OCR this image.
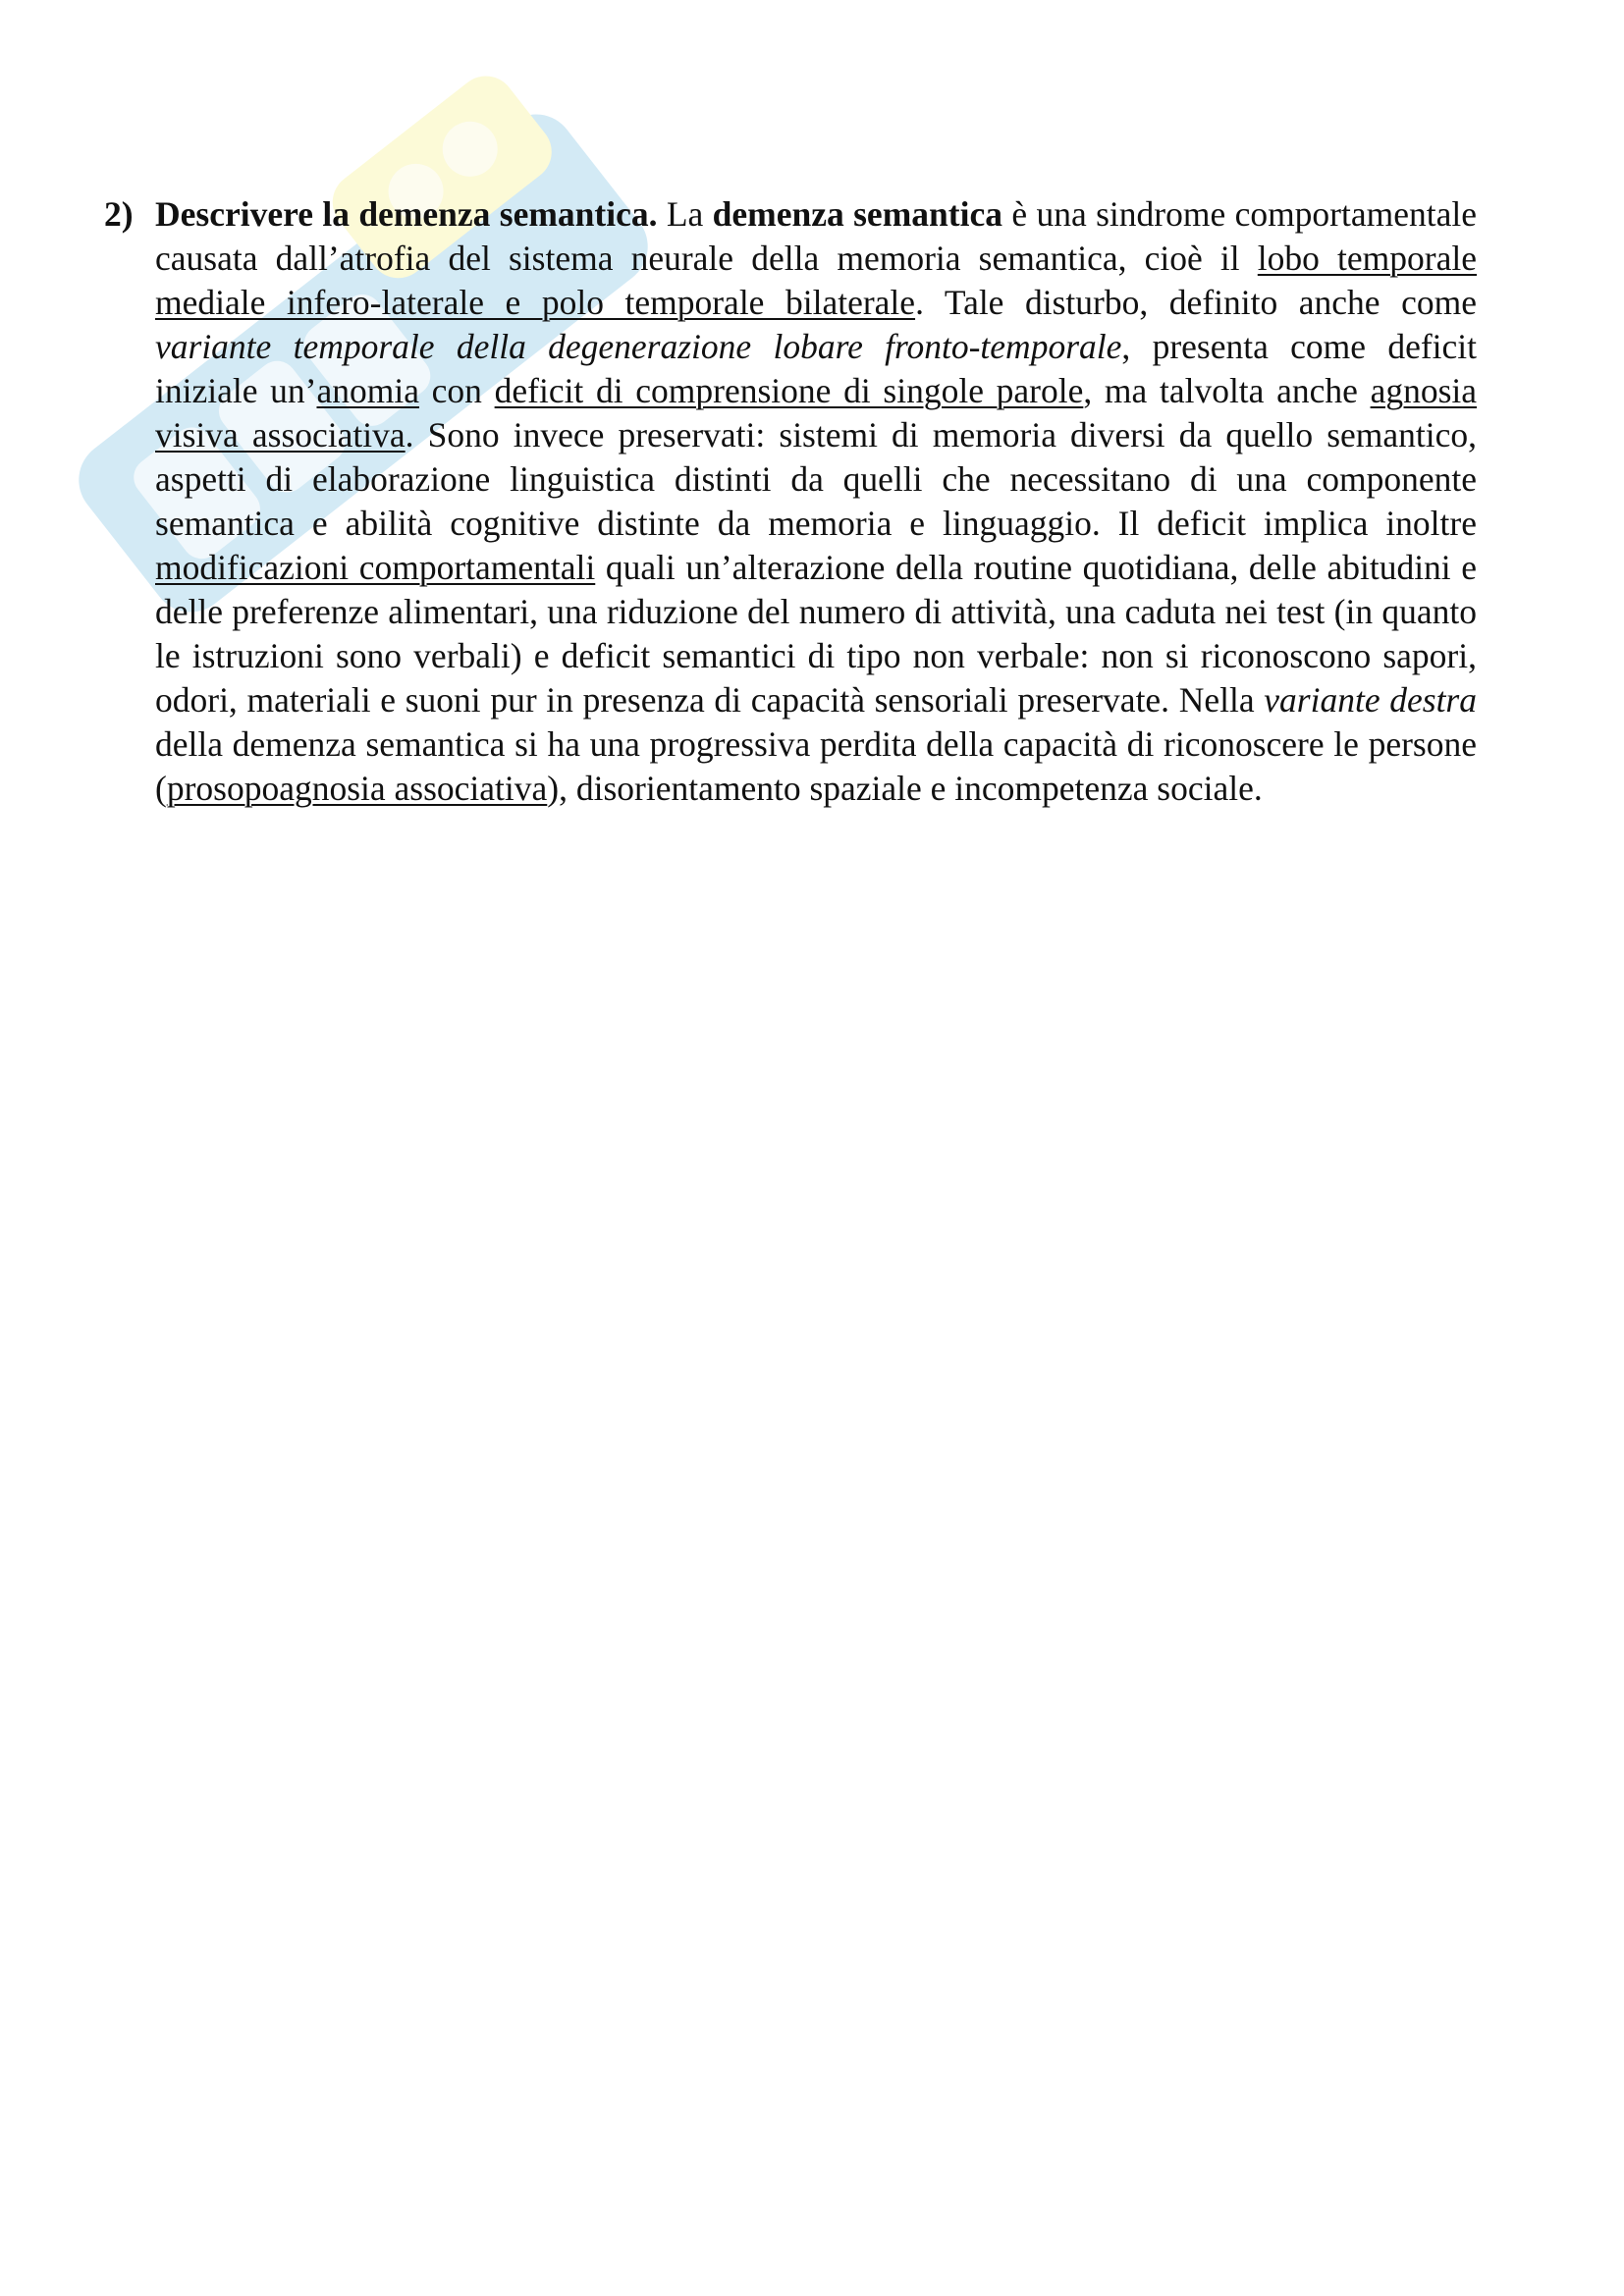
2) Descrivere la demenza semantica. La demenza semantica è una sindrome comportamentale causata dall’atrofia del sistema neurale della memoria semantica, cioè il lobo temporale mediale infero-laterale e polo temporale bilaterale. Tale disturbo, definito anche come variante temporale della degenerazione lobare fronto-temporale, presenta come deficit iniziale un’anomia con deficit di comprensione di singole parole, ma talvolta anche agnosia visiva associativa. Sono invece preservati: sistemi di memoria diversi da quello semantico, aspetti di elaborazione linguistica distinti da quelli che necessitano di una componente semantica e abilità cognitive distinte da memoria e linguaggio. Il deficit implica inoltre modificazioni comportamentali quali un’alterazione della routine quotidiana, delle abitudini e delle preferenze alimentari, una riduzione del numero di attività, una caduta nei test (in quanto le istruzioni sono verbali) e deficit semantici di tipo non verbale: non si riconoscono sapori, odori, materiali e suoni pur in presenza di capacità sensoriali preservate. Nella variante destra della demenza semantica si ha una progressiva perdita della capacità di riconoscere le persone (prosopoagnosia associativa), disorientamento spaziale e incompetenza sociale.
